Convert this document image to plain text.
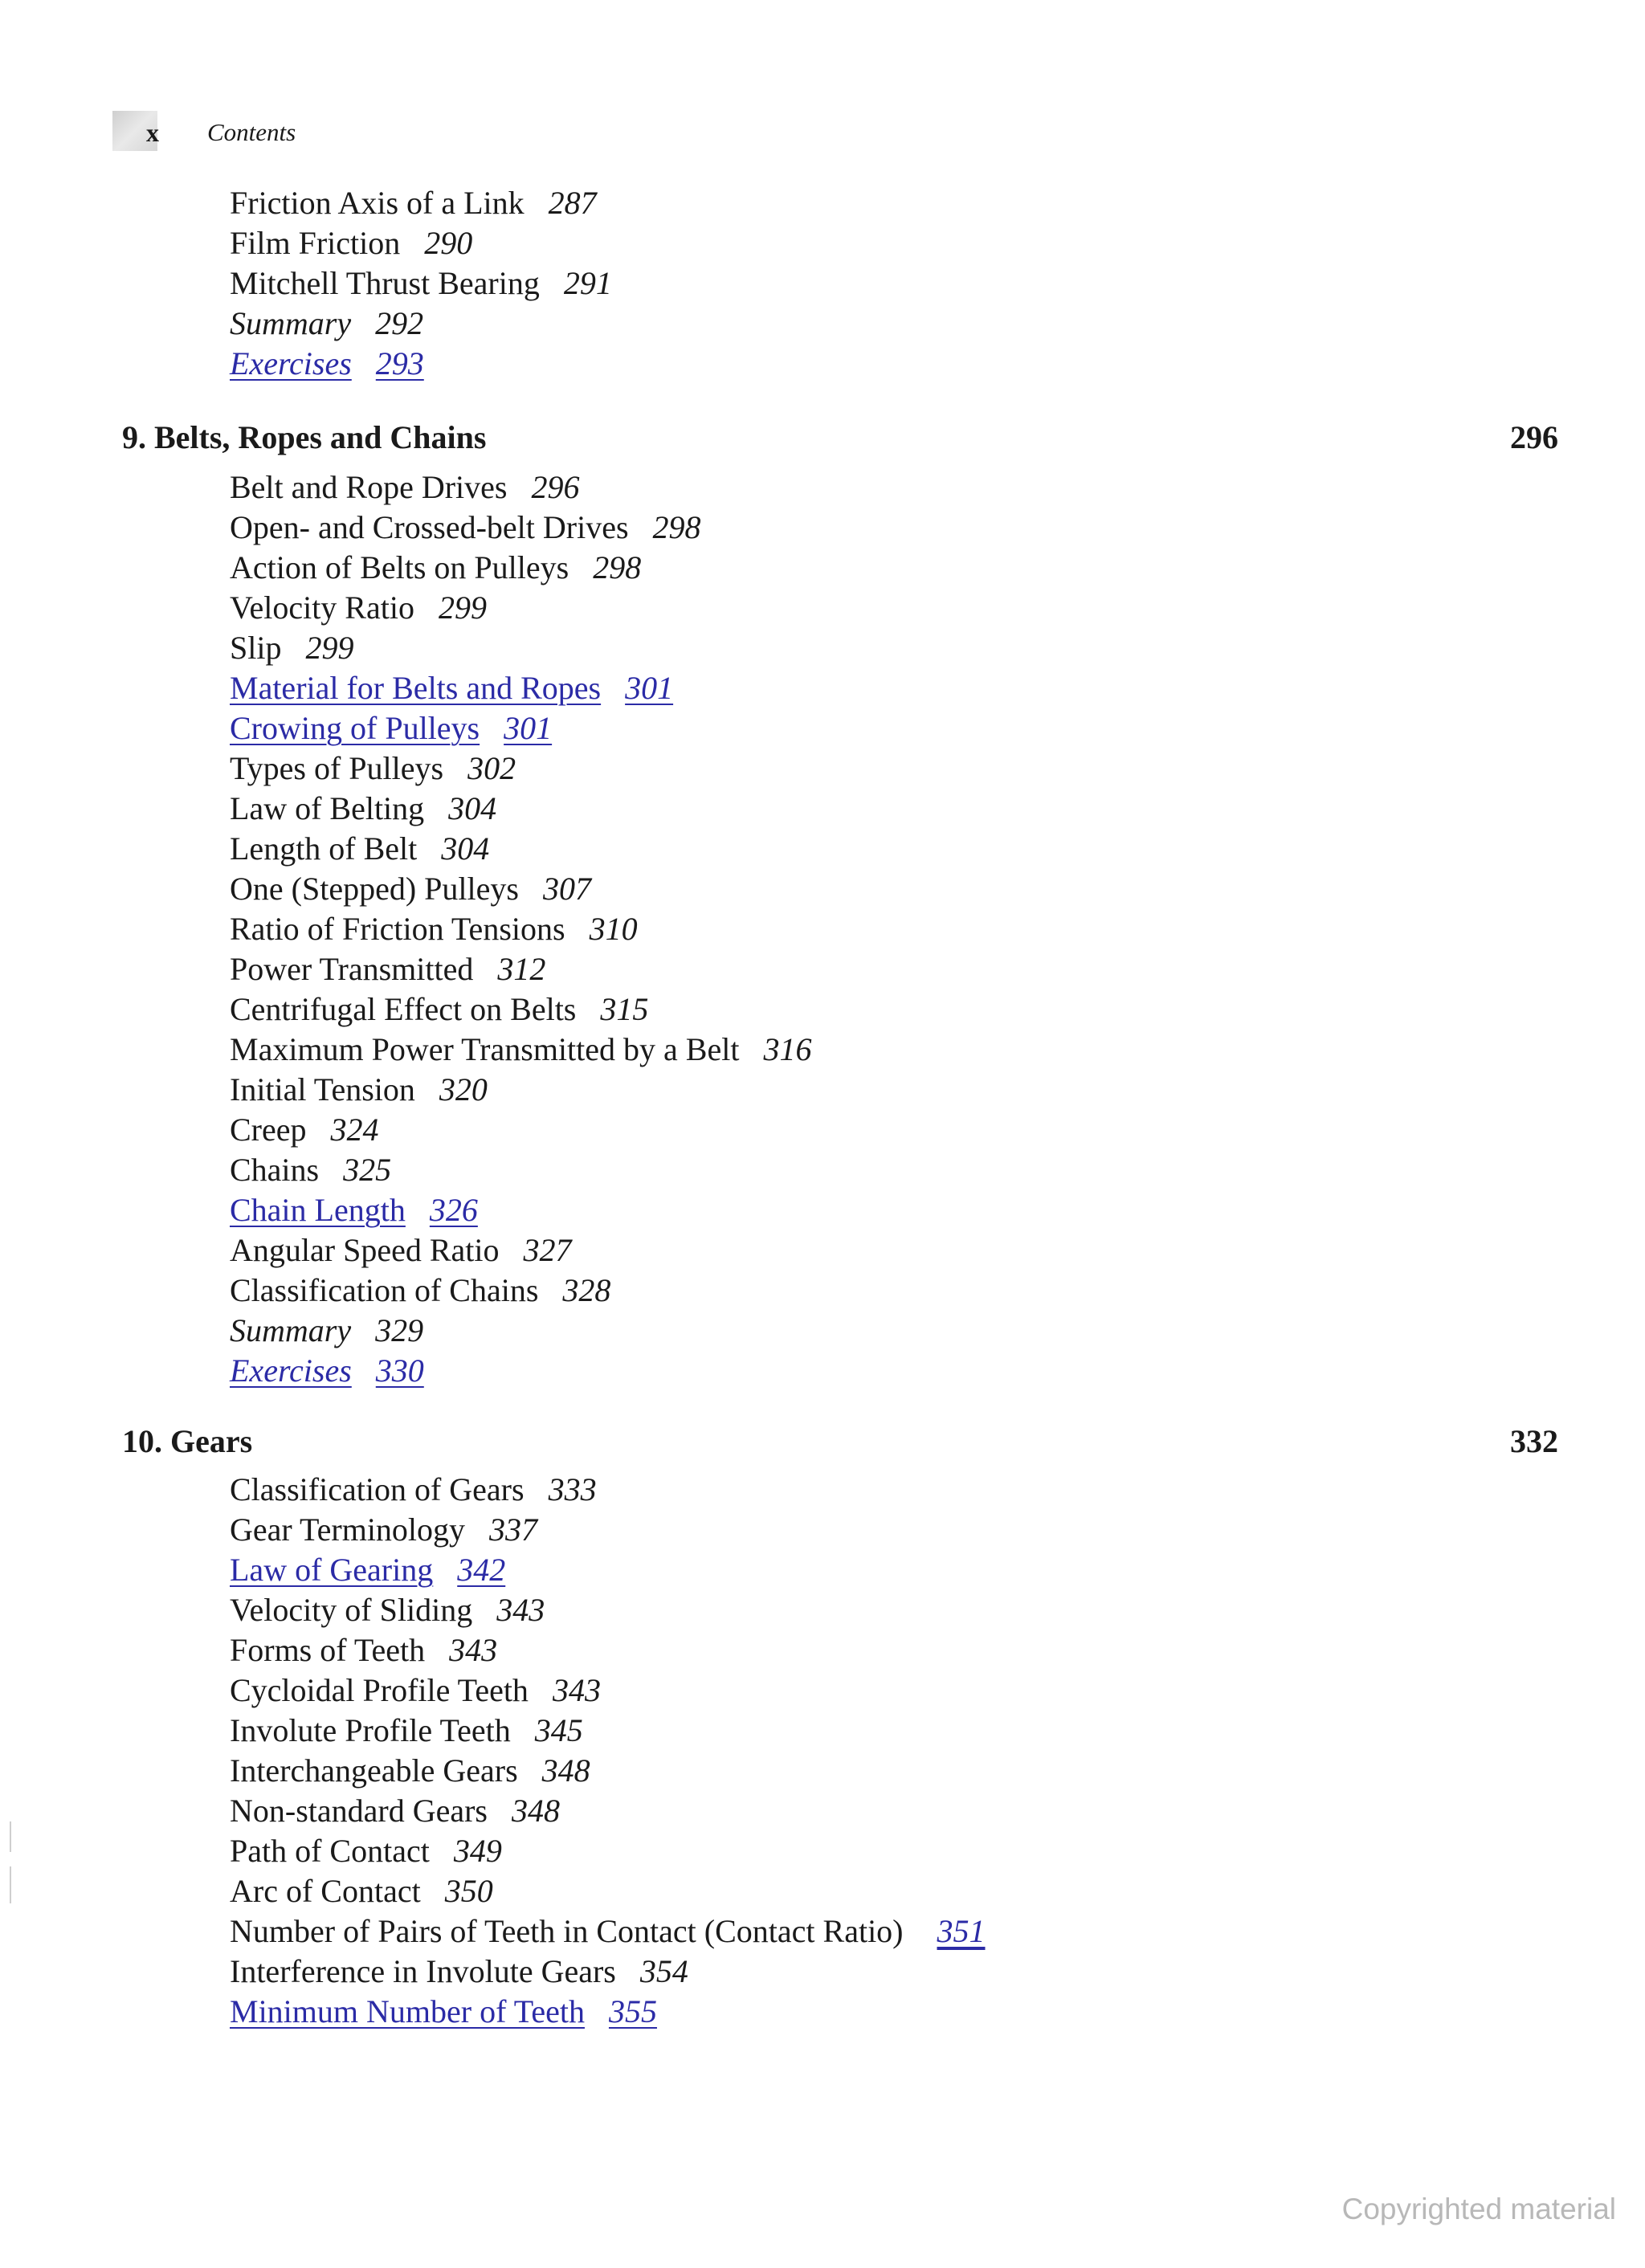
x Contents
Friction Axis of a Link 287
Film Friction 290
Mitchell Thrust Bearing 291
Summary 292
Exercises 293
9. Belts, Ropes and Chains	296
Belt and Rope Drives 296
Open- and Crossed-belt Drives 298
Action of Belts on Pulleys 298
Velocity Ratio 299
Slip 299
Material for Belts and Ropes 301
Crowing of Pulleys 301
Types of Pulleys 302
Law of Belting 304
Length of Belt 304
One (Stepped) Pulleys 307
Ratio of Friction Tensions 310
Power Transmitted 312
Centrifugal Effect on Belts 315
Maximum Power Transmitted by a Belt 316
Initial Tension 320
Creep 324
Chains 325
Chain Length 326
Angular Speed Ratio 327
Classification of Chains 328
Summary 329
Exercises 330
10. Gears	332
Classification of Gears 333
Gear Terminology 337
Law of Gearing 342
Velocity of Sliding 343
Forms of Teeth 343
Cycloidal Profile Teeth 343
Involute Profile Teeth 345
Interchangeable Gears 348
Non-standard Gears 348
Path of Contact 349
Arc of Contact 350
Number of Pairs of Teeth in Contact (Contact Ratio) 351
Interference in Involute Gears 354
Minimum Number of Teeth 355
Copyrighted material
